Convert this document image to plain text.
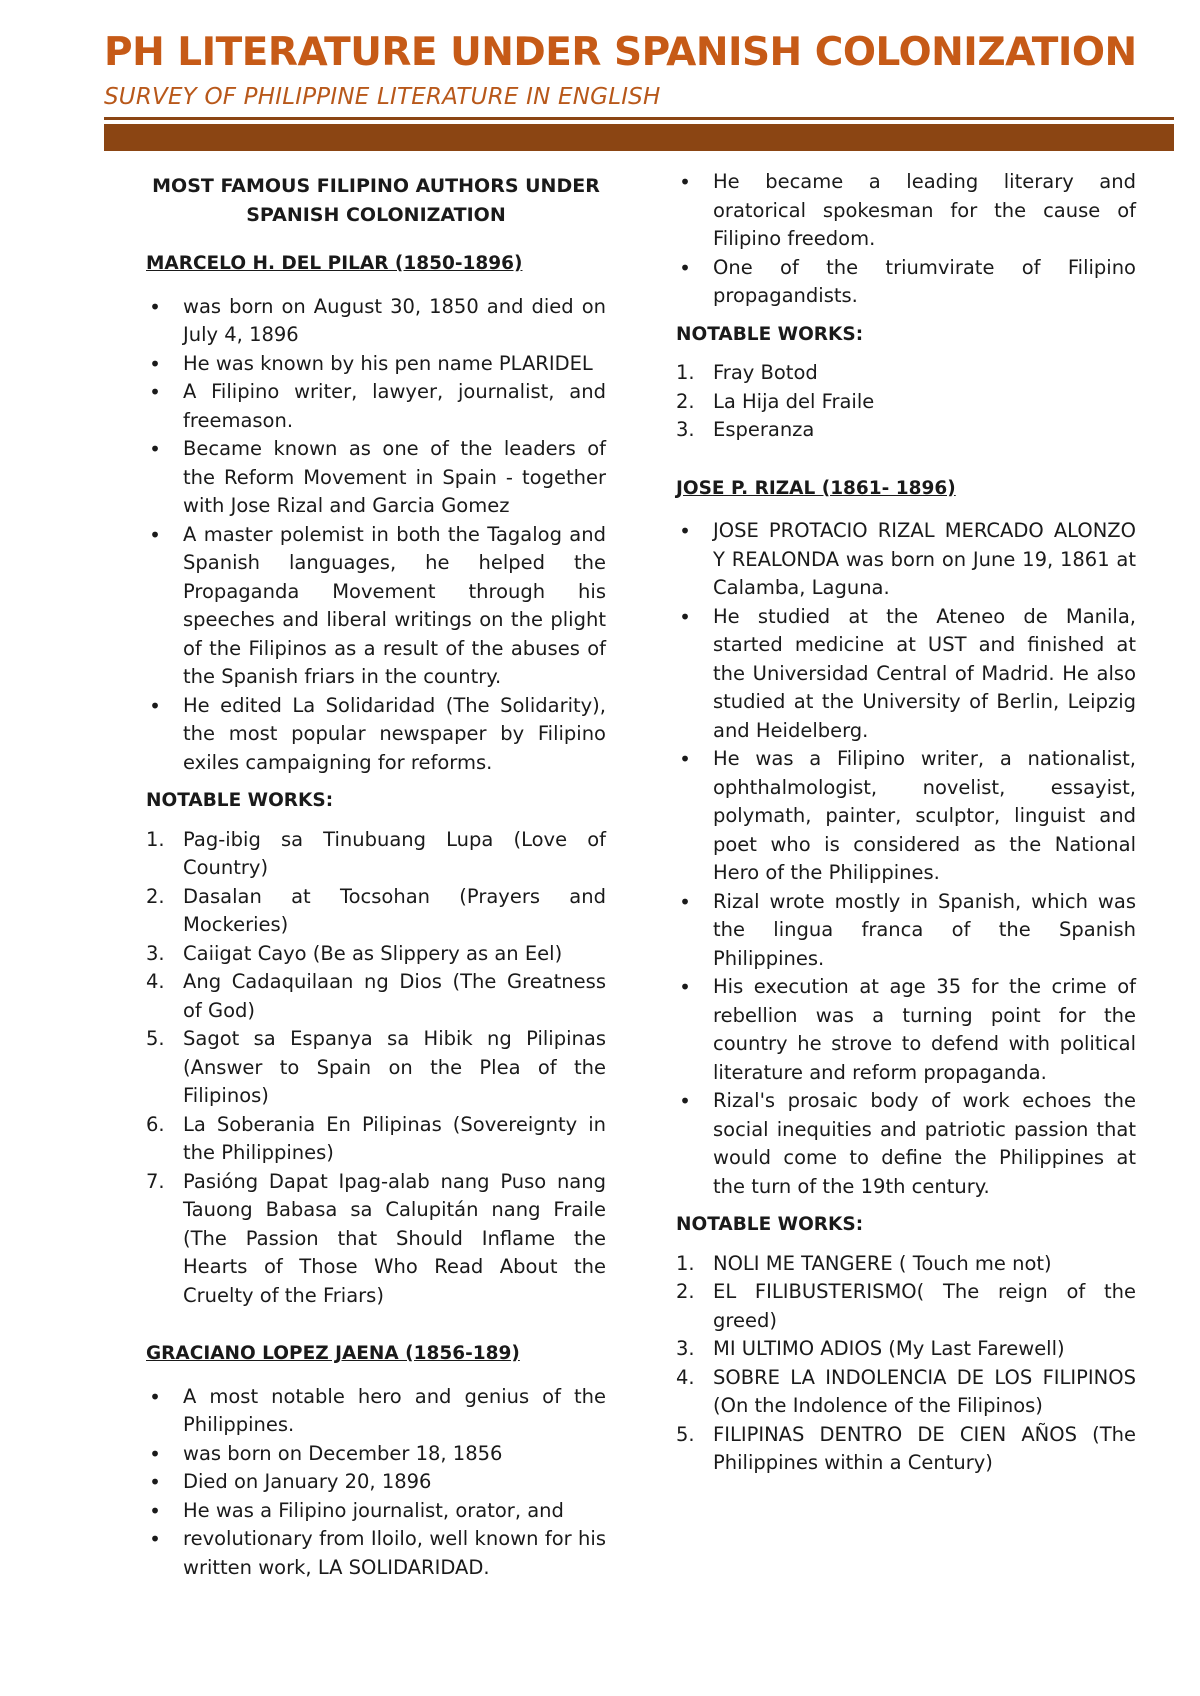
PH LITERATURE UNDER SPANISH COLONIZATION
SURVEY OF PHILIPPINE LITERATURE IN ENGLISH
MOST FAMOUS FILIPINO AUTHORS UNDER SPANISH COLONIZATION
MARCELO H. DEL PILAR (1850-1896)
• was born on August 30, 1850 and died on July 4, 1896
• He was known by his pen name PLARIDEL
• A Filipino writer, lawyer, journalist, and freemason.
• Became known as one of the leaders of the Reform Movement in Spain - together with Jose Rizal and Garcia Gomez
• A master polemist in both the Tagalog and Spanish languages, he helped the Propaganda Movement through his speeches and liberal writings on the plight of the Filipinos as a result of the abuses of the Spanish friars in the country.
• He edited La Solidaridad (The Solidarity), the most popular newspaper by Filipino exiles campaigning for reforms.
NOTABLE WORKS:
1. Pag-ibig sa Tinubuang Lupa (Love of Country)
2. Dasalan at Tocsohan (Prayers and Mockeries)
3. Caiigat Cayo (Be as Slippery as an Eel)
4. Ang Cadaquilaan ng Dios (The Greatness of God)
5. Sagot sa Espanya sa Hibik ng Pilipinas (Answer to Spain on the Plea of the Filipinos)
6. La Soberania En Pilipinas (Sovereignty in the Philippines)
7. Pasióng Dapat Ipag-alab nang Puso nang Tauong Babasa sa Calupitán nang Fraile (The Passion that Should Inflame the Hearts of Those Who Read About the Cruelty of the Friars)
GRACIANO LOPEZ JAENA (1856-189)
• A most notable hero and genius of the Philippines.
• was born on December 18, 1856
• Died on January 20, 1896
• He was a Filipino journalist, orator, and
• revolutionary from Iloilo, well known for his written work, LA SOLIDARIDAD.
• He became a leading literary and oratorical spokesman for the cause of Filipino freedom.
• One of the triumvirate of Filipino propagandists.
NOTABLE WORKS:
1. Fray Botod
2. La Hija del Fraile
3. Esperanza
JOSE P. RIZAL (1861- 1896)
• JOSE PROTACIO RIZAL MERCADO ALONZO Y REALONDA was born on June 19, 1861 at Calamba, Laguna.
• He studied at the Ateneo de Manila, started medicine at UST and finished at the Universidad Central of Madrid. He also studied at the University of Berlin, Leipzig and Heidelberg.
• He was a Filipino writer, a nationalist, ophthalmologist, novelist, essayist, polymath, painter, sculptor, linguist and poet who is considered as the National Hero of the Philippines.
• Rizal wrote mostly in Spanish, which was the lingua franca of the Spanish Philippines.
• His execution at age 35 for the crime of rebellion was a turning point for the country he strove to defend with political literature and reform propaganda.
• Rizal's prosaic body of work echoes the social inequities and patriotic passion that would come to define the Philippines at the turn of the 19th century.
NOTABLE WORKS:
1. NOLI ME TANGERE ( Touch me not)
2. EL FILIBUSTERISMO( The reign of the greed)
3. MI ULTIMO ADIOS (My Last Farewell)
4. SOBRE LA INDOLENCIA DE LOS FILIPINOS (On the Indolence of the Filipinos)
5. FILIPINAS DENTRO DE CIEN AÑOS (The Philippines within a Century)
